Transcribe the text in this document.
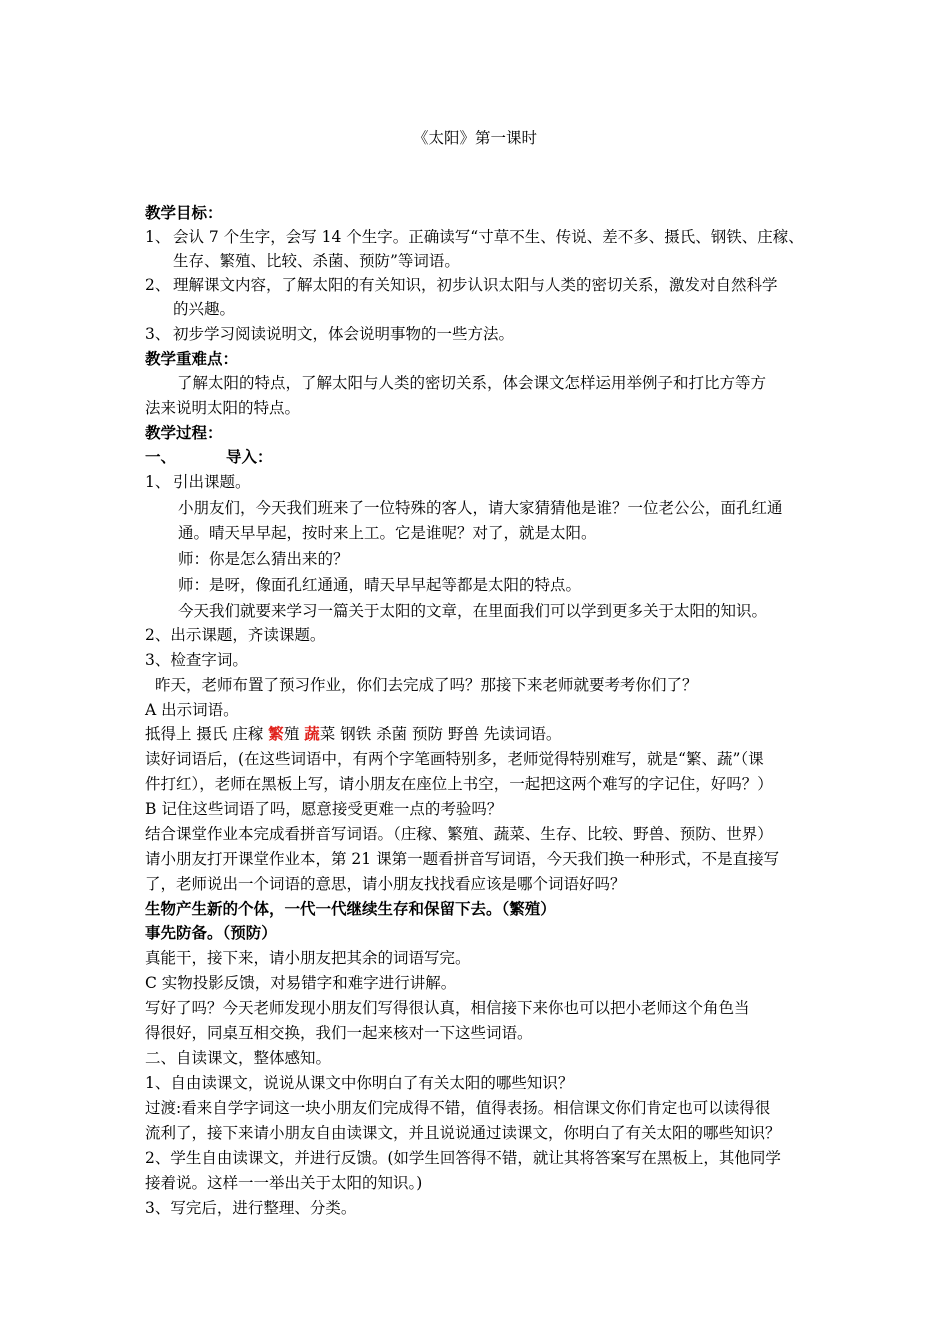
《太阳》第一课时
教学目标：
1、 会认 7 个生字，会写 14 个生字。正确读写“寸草不生、传说、差不多、摄氏、钢铁、庄稼、
生存、繁殖、比较、杀菌、预防”等词语。
2、 理解课文内容，了解太阳的有关知识，初步认识太阳与人类的密切关系，激发对自然科学
的兴趣。
3、 初步学习阅读说明文，体会说明事物的一些方法。
教学重难点：
了解太阳的特点，了解太阳与人类的密切关系，体会课文怎样运用举例子和打比方等方
法来说明太阳的特点。
教学过程：
一、	导入：
1、 引出课题。
小朋友们，今天我们班来了一位特殊的客人，请大家猜猜他是谁？一位老公公，面孔红通
通。晴天早早起，按时来上工。它是谁呢？对了，就是太阳。
师：你是怎么猜出来的？
师：是呀，像面孔红通通，晴天早早起等都是太阳的特点。
今天我们就要来学习一篇关于太阳的文章，在里面我们可以学到更多关于太阳的知识。
2、出示课题，齐读课题。
3、检查字词。
昨天，老师布置了预习作业，你们去完成了吗？那接下来老师就要考考你们了？
A 出示词语。
抵得上 摄氏 庄稼 繁殖 蔬菜 钢铁 杀菌 预防 野兽 先读词语。
读好词语后，(在这些词语中，有两个字笔画特别多，老师觉得特别难写，就是“繁、蔬”（课
件打红），老师在黑板上写，请小朋友在座位上书空，一起把这两个难写的字记住，好吗？）
B 记住这些词语了吗，愿意接受更难一点的考验吗？
结合课堂作业本完成看拼音写词语。（庄稼、繁殖、蔬菜、生存、比较、野兽、预防、世界）
请小朋友打开课堂作业本，第 21 课第一题看拼音写词语，今天我们换一种形式，不是直接写
了，老师说出一个词语的意思，请小朋友找找看应该是哪个词语好吗？
生物产生新的个体，一代一代继续生存和保留下去。（繁殖）
事先防备。（预防）
真能干，接下来，请小朋友把其余的词语写完。
C 实物投影反馈，对易错字和难字进行讲解。
写好了吗？今天老师发现小朋友们写得很认真，相信接下来你也可以把小老师这个角色当
得很好，同桌互相交换，我们一起来核对一下这些词语。
二、自读课文，整体感知。
1、自由读课文，说说从课文中你明白了有关太阳的哪些知识？
过渡:看来自学字词这一块小朋友们完成得不错，值得表扬。相信课文你们肯定也可以读得很
流利了，接下来请小朋友自由读课文，并且说说通过读课文，你明白了有关太阳的哪些知识？
2、学生自由读课文，并进行反馈。(如学生回答得不错，就让其将答案写在黑板上，其他同学
接着说。这样一一举出关于太阳的知识。)
3、写完后，进行整理、分类。
